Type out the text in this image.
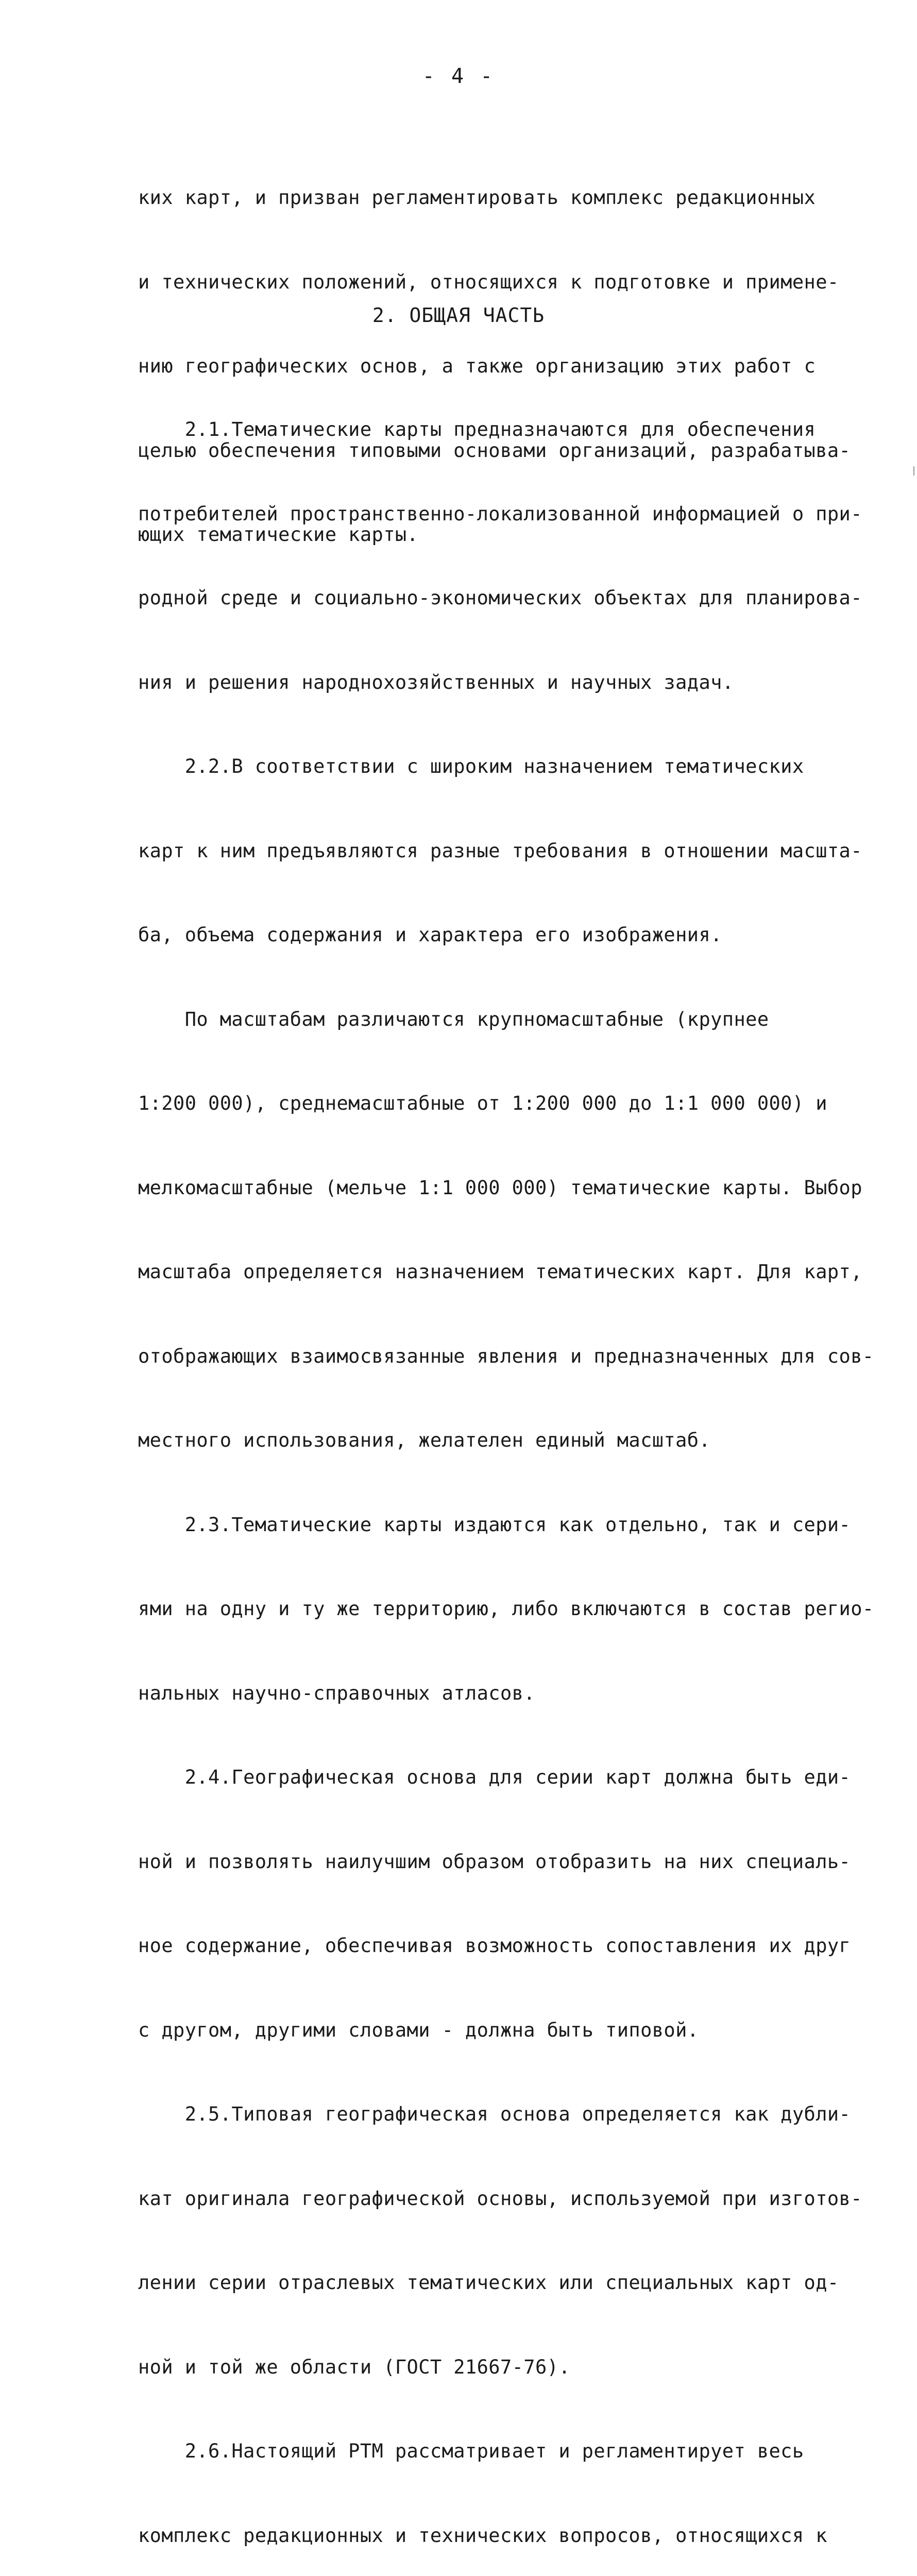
- 4 -

ких карт, и призван регламентировать комплекс редакционных

и технических положений, относящихся к подготовке и примене-

нию географических основ, а также организацию этих работ с

целью обеспечения типовыми основами организаций, разрабатыва-

ющих тематические карты.

2. ОБЩАЯ ЧАСТЬ

2.1.Тематические карты предназначаются для обеспечения

потребителей пространственно-локализованной информацией о при-

родной среде и социально-экономических объектах для планирова-

ния и решения народнохозяйственных и научных задач.

2.2.В соответствии с широким назначением тематических

карт к ним предъявляются разные требования в отношении масшта-

ба, объема содержания и характера его изображения.

По масштабам различаются крупномасштабные (крупнее

1:200 000), среднемасштабные от 1:200 000 до 1:1 000 000) и

мелкомасштабные (мельче 1:1 000 000) тематические карты. Выбор

масштаба определяется назначением тематических карт. Для карт,

отображающих взаимосвязанные явления и предназначенных для сов-

местного использования, желателен единый масштаб.

2.3.Тематические карты издаются как отдельно, так и сери-

ями на одну и ту же территорию, либо включаются в состав регио-

нальных научно-справочных атласов.

2.4.Географическая основа для серии карт должна быть еди-

ной и позволять наилучшим образом отобразить на них специаль-

ное содержание, обеспечивая возможность сопоставления их друг

с другом, другими словами - должна быть типовой.

2.5.Типовая географическая основа определяется как дубли-

кат оригинала географической основы, используемой при изготов-

лении серии отраслевых тематических или специальных карт од-

ной и той же области (ГОСТ 21667-76).

2.6.Настоящий РТМ рассматривает и регламентирует весь

комплекс редакционных и технических вопросов, относящихся к
